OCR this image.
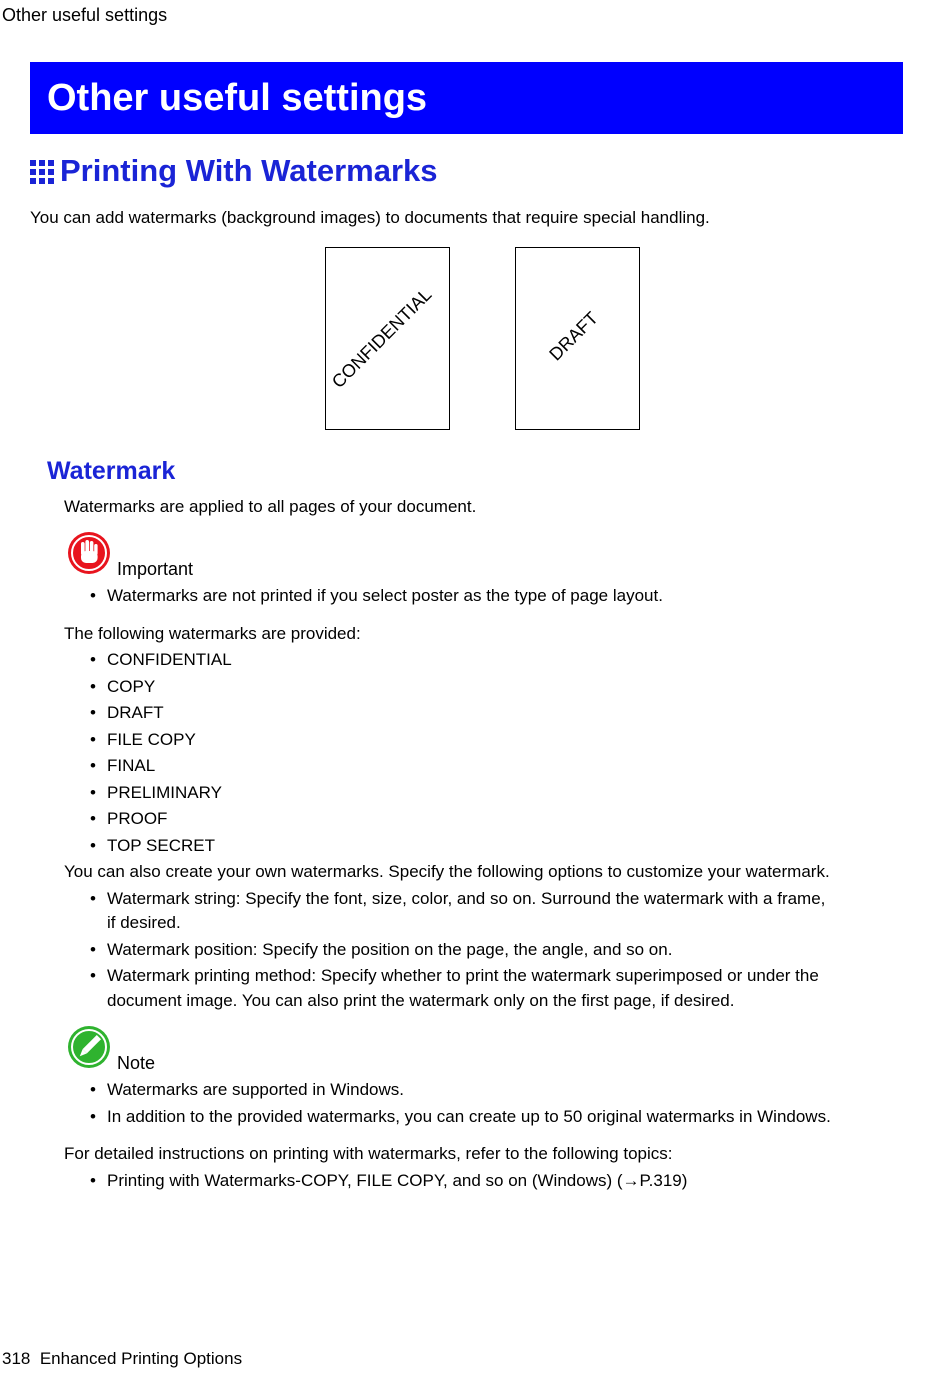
Other useful settings
Other useful settings
Printing With Watermarks
You can add watermarks (background images) to documents that require special handling.
CONFIDENTIAL	DRAFT
Watermark
Watermarks are applied to all pages of your document.
Important
• Watermarks are not printed if you select poster as the type of page layout.
The following watermarks are provided:
• CONFIDENTIAL
• COPY
• DRAFT
• FILE COPY
• FINAL
• PRELIMINARY
• PROOF
• TOP SECRET
You can also create your own watermarks. Specify the following options to customize your watermark.
• Watermark string: Specify the font, size, color, and so on. Surround the watermark with a frame,
if desired.
• Watermark position: Specify the position on the page, the angle, and so on.
• Watermark printing method: Specify whether to print the watermark superimposed or under the
document image. You can also print the watermark only on the first page, if desired.
Note
• Watermarks are supported in Windows.
• In addition to the provided watermarks, you can create up to 50 original watermarks in Windows.
For detailed instructions on printing with watermarks, refer to the following topics:
• Printing with Watermarks-COPY, FILE COPY, and so on (Windows) (→P.319)
318 Enhanced Printing Options
